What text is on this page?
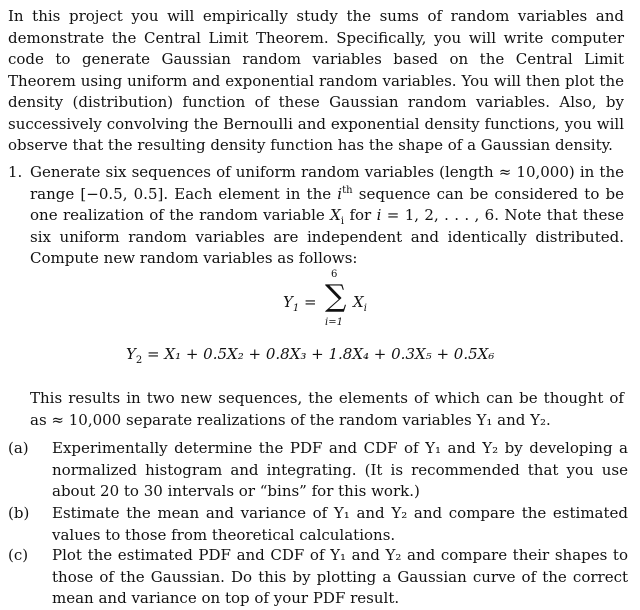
In this project you will empirically study the sums of random variables and demonstrate the Central Limit Theorem. Specifically, you will write computer code to generate Gaussian random variables based on the Central Limit Theorem using uniform and exponential random variables. You will then plot the density (distribution) function of these Gaussian random variables. Also, by successively convolving the Bernoulli and exponential density functions, you will observe that the resulting density function has the shape of a Gaussian density.

1. Generate six sequences of uniform random variables (length ≈ 10,000) in the range [−0.5, 0.5]. Each element in the $i^{th}$ sequence can be considered to be one realization of the random variable $X_i$ for i = 1, 2, . . . , 6. Note that these six uniform random variables are independent and identically distributed. Compute new random variables as follows:

$Y_1$ =
6
∑
i=1
$X_i$
$Y_2 = X_1 + 0.5X_2 + 0.8X_3 + 1.8X_4 + 0.3X_5 + 0.5X_6$

This results in two new sequences, the elements of which can be thought of as ≈ 10,000 separate realizations of the random variables Y₁ and Y₂.

(a) Experimentally determine the PDF and CDF of Y₁ and Y₂ by developing a normalized histogram and integrating. (It is recommended that you use about 20 to 30 intervals or “bins” for this work.)

(b) Estimate the mean and variance of Y₁ and Y₂ and compare the estimated values to those from theoretical calculations.

(c) Plot the estimated PDF and CDF of Y₁ and Y₂ and compare their shapes to those of the Gaussian. Do this by plotting a Gaussian curve of the correct mean and variance on top of your PDF result.
